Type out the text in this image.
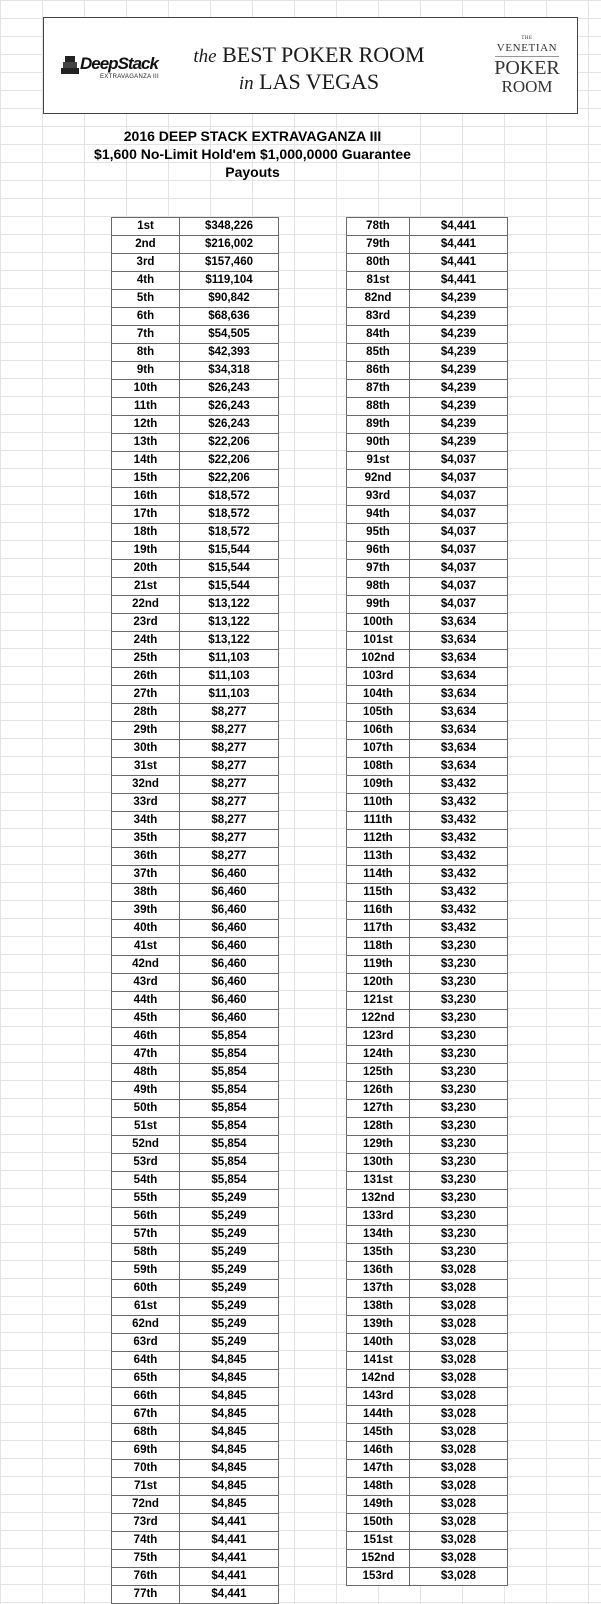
DeepStack
EXTRAVAGANZA III
the BEST POKER ROOM
in LAS VEGAS
THE
VENETIAN
POKER
ROOM
2016 DEEP STACK EXTRAVAGANZA III
$1,600 No-Limit Hold'em $1,000,0000 Guarantee
Payouts
1st	$348,226
2nd	$216,002
3rd	$157,460
4th	$119,104
5th	$90,842
6th	$68,636
7th	$54,505
8th	$42,393
9th	$34,318
10th	$26,243
11th	$26,243
12th	$26,243
13th	$22,206
14th	$22,206
15th	$22,206
16th	$18,572
17th	$18,572
18th	$18,572
19th	$15,544
20th	$15,544
21st	$15,544
22nd	$13,122
23rd	$13,122
24th	$13,122
25th	$11,103
26th	$11,103
27th	$11,103
28th	$8,277
29th	$8,277
30th	$8,277
31st	$8,277
32nd	$8,277
33rd	$8,277
34th	$8,277
35th	$8,277
36th	$8,277
37th	$6,460
38th	$6,460
39th	$6,460
40th	$6,460
41st	$6,460
42nd	$6,460
43rd	$6,460
44th	$6,460
45th	$6,460
46th	$5,854
47th	$5,854
48th	$5,854
49th	$5,854
50th	$5,854
51st	$5,854
52nd	$5,854
53rd	$5,854
54th	$5,854
55th	$5,249
56th	$5,249
57th	$5,249
58th	$5,249
59th	$5,249
60th	$5,249
61st	$5,249
62nd	$5,249
63rd	$5,249
64th	$4,845
65th	$4,845
66th	$4,845
67th	$4,845
68th	$4,845
69th	$4,845
70th	$4,845
71st	$4,845
72nd	$4,845
73rd	$4,441
74th	$4,441
75th	$4,441
76th	$4,441
77th	$4,441
78th	$4,441
79th	$4,441
80th	$4,441
81st	$4,441
82nd	$4,239
83rd	$4,239
84th	$4,239
85th	$4,239
86th	$4,239
87th	$4,239
88th	$4,239
89th	$4,239
90th	$4,239
91st	$4,037
92nd	$4,037
93rd	$4,037
94th	$4,037
95th	$4,037
96th	$4,037
97th	$4,037
98th	$4,037
99th	$4,037
100th	$3,634
101st	$3,634
102nd	$3,634
103rd	$3,634
104th	$3,634
105th	$3,634
106th	$3,634
107th	$3,634
108th	$3,634
109th	$3,432
110th	$3,432
111th	$3,432
112th	$3,432
113th	$3,432
114th	$3,432
115th	$3,432
116th	$3,432
117th	$3,432
118th	$3,230
119th	$3,230
120th	$3,230
121st	$3,230
122nd	$3,230
123rd	$3,230
124th	$3,230
125th	$3,230
126th	$3,230
127th	$3,230
128th	$3,230
129th	$3,230
130th	$3,230
131st	$3,230
132nd	$3,230
133rd	$3,230
134th	$3,230
135th	$3,230
136th	$3,028
137th	$3,028
138th	$3,028
139th	$3,028
140th	$3,028
141st	$3,028
142nd	$3,028
143rd	$3,028
144th	$3,028
145th	$3,028
146th	$3,028
147th	$3,028
148th	$3,028
149th	$3,028
150th	$3,028
151st	$3,028
152nd	$3,028
153rd	$3,028
